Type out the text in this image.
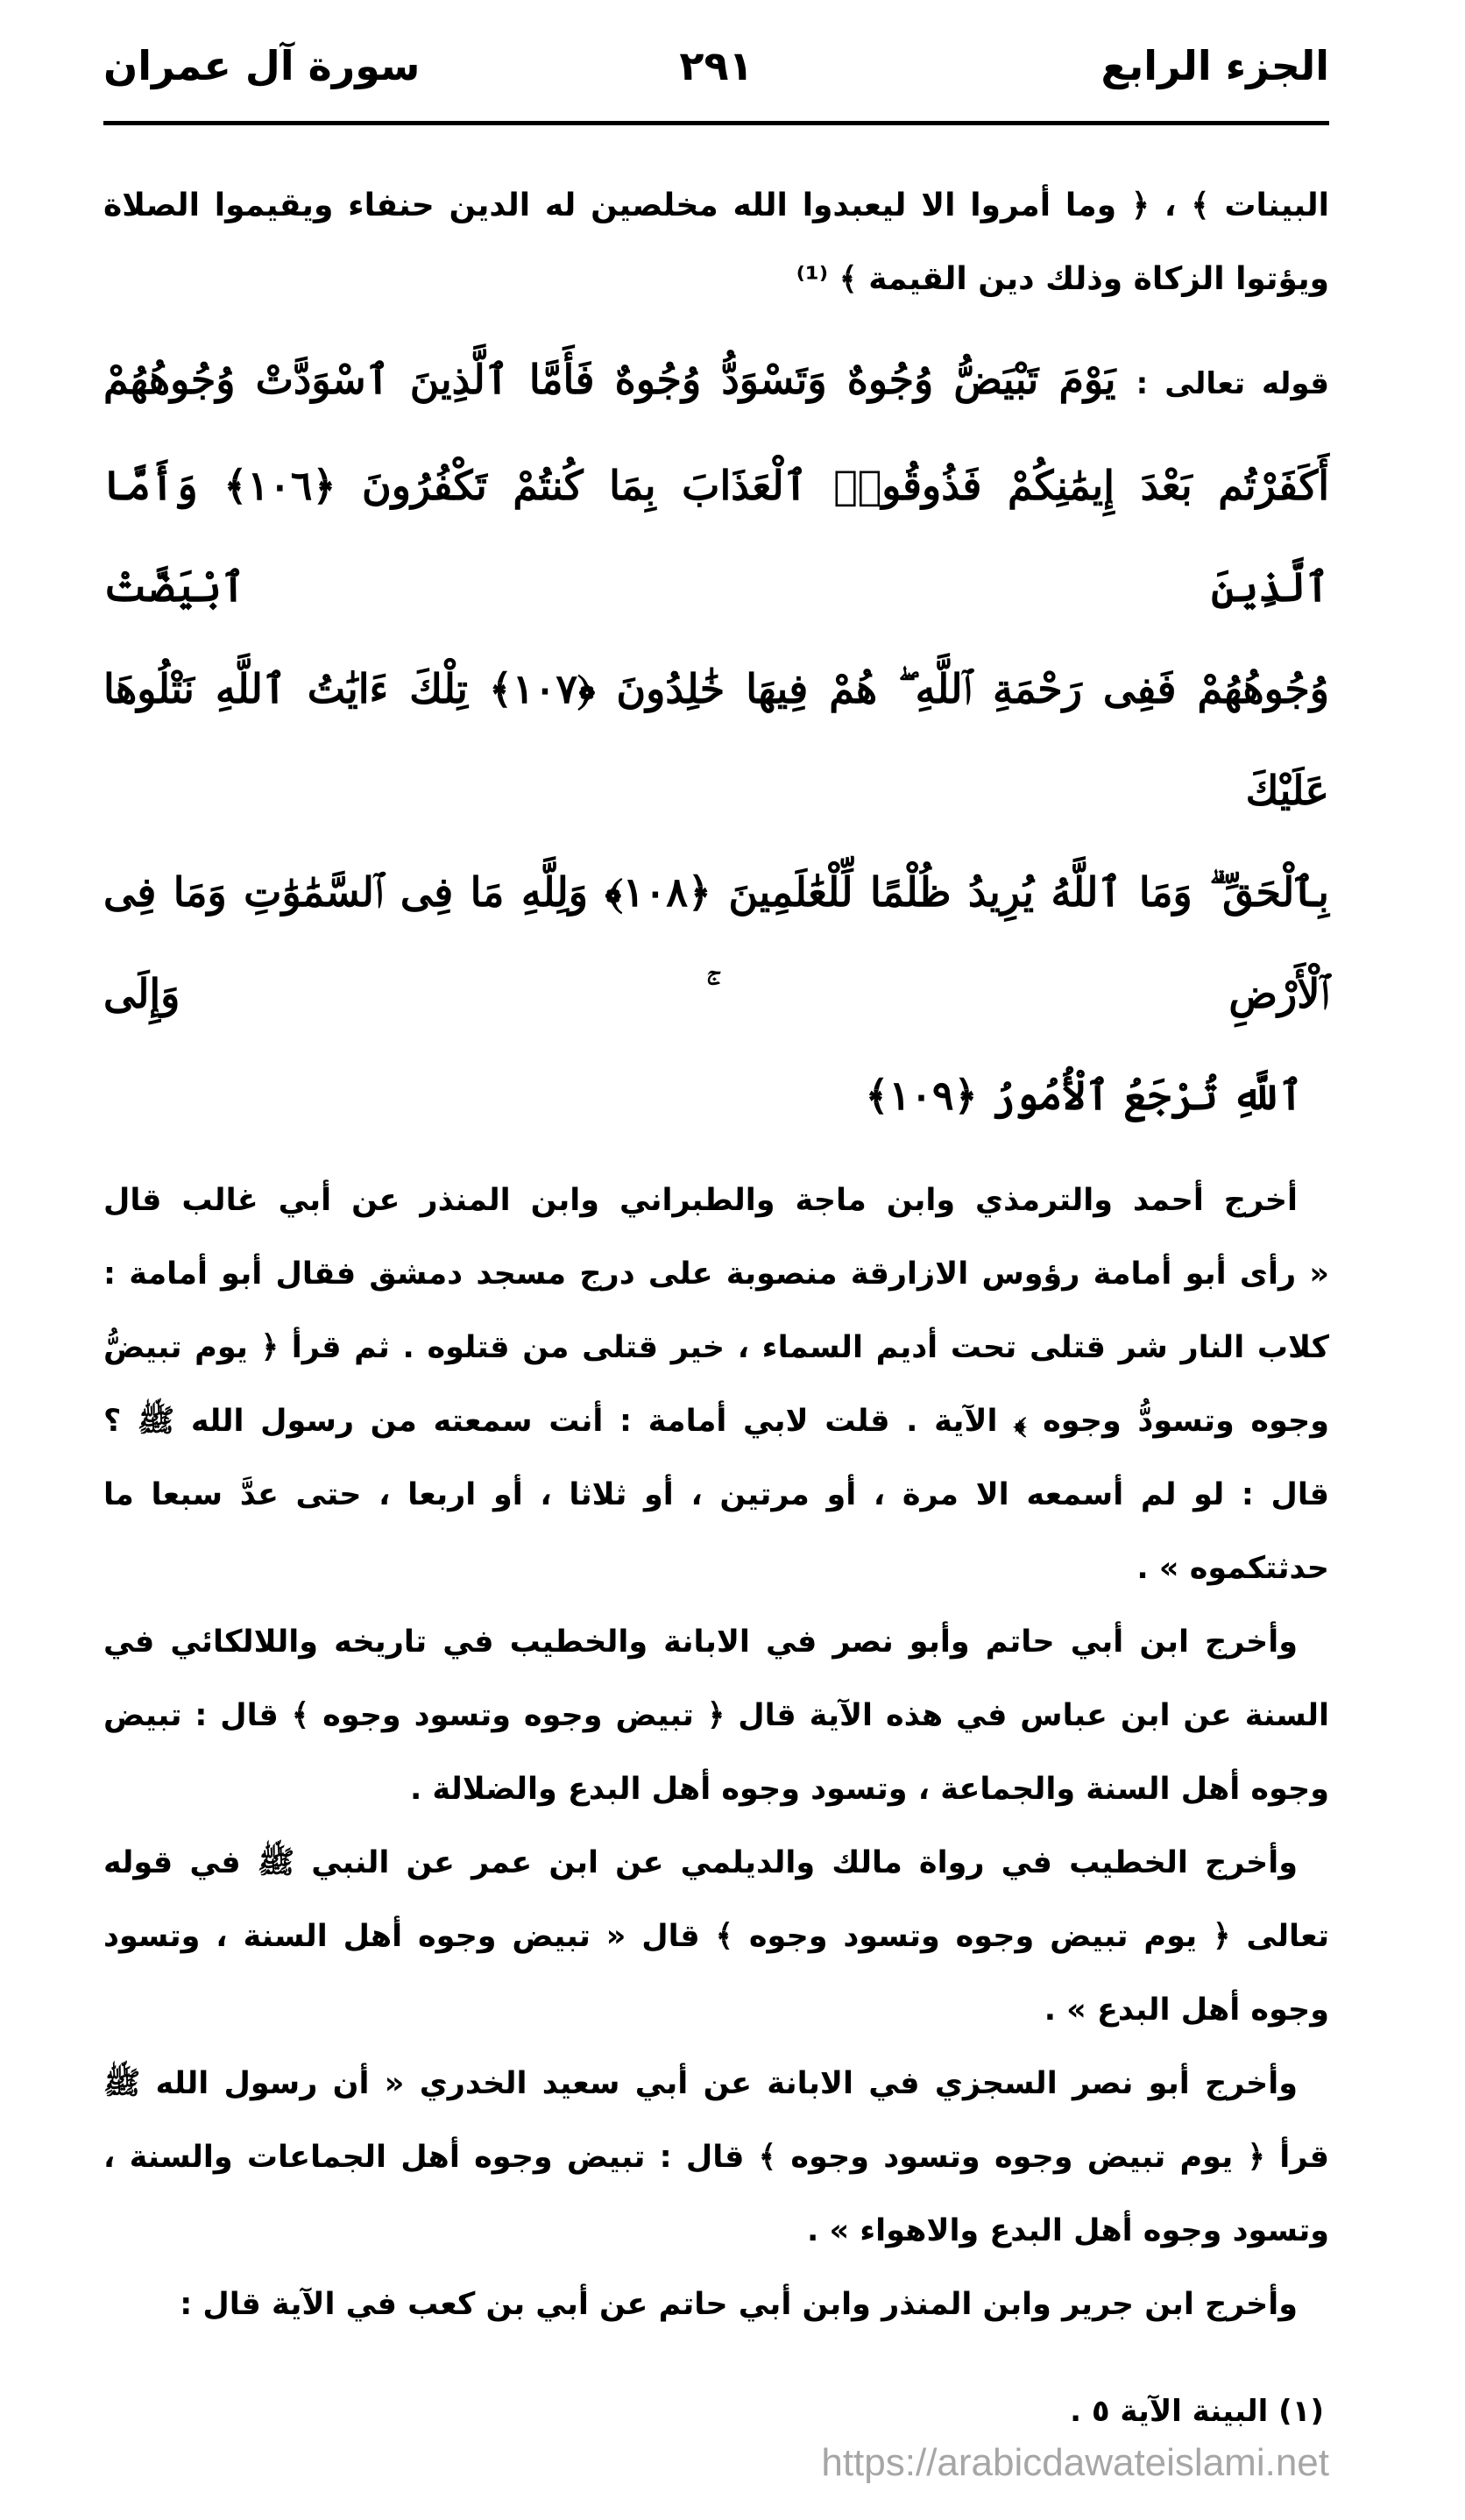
الجزء الرابع
٢٩١
سورة آل عمران
البينات ﴾ ، ﴿ وما أمروا الا ليعبدوا الله مخلصين له الدين حنفاء ويقيموا الصلاة
ويؤتوا الزكاة وذلك دين القيمة ﴾ ⁽¹⁾
قوله تعالى : يَوْمَ تَبْيَضُّ وُجُوهٌ وَتَسْوَدُّ وُجُوهٌ فَأَمَّا ٱلَّذِينَ ٱسْوَدَّتْ وُجُوهُهُمْ
أَكَفَرْتُم بَعْدَ إِيمَٰنِكُمْ فَذُوقُوا۟ ٱلْعَذَابَ بِمَا كُنتُمْ تَكْفُرُونَ ﴿١٠٦﴾ وَأَمَّا ٱلَّذِينَ ٱبْيَضَّتْ
وُجُوهُهُمْ فَفِى رَحْمَةِ ٱللَّهِ ۖ هُمْ فِيهَا خَٰلِدُونَ ﴿١٠٧﴾ تِلْكَ ءَايَٰتُ ٱللَّهِ نَتْلُوهَا عَلَيْكَ
بِٱلْحَقِّ ۗ وَمَا ٱللَّهُ يُرِيدُ ظُلْمًا لِّلْعَٰلَمِينَ ﴿١٠٨﴾ وَلِلَّهِ مَا فِى ٱلسَّمَٰوَٰتِ وَمَا فِى ٱلْأَرْضِ ۚ وَإِلَى
ٱللَّهِ تُرْجَعُ ٱلْأُمُورُ ﴿١٠٩﴾
أخرج أحمد والترمذي وابن ماجة والطبراني وابن المنذر عن أبي غالب قال
« رأى أبو أمامة رؤوس الازارقة منصوبة على درج مسجد دمشق فقال أبو أمامة :
كلاب النار شر قتلى تحت أديم السماء ، خير قتلى من قتلوه . ثم قرأ ﴿ يوم تبيضُّ
وجوه وتسودُّ وجوه ﴾ الآية . قلت لابي أمامة : أنت سمعته من رسول الله ﷺ ؟
قال : لو لم أسمعه الا مرة ، أو مرتين ، أو ثلاثا ، أو اربعا ، حتى عدَّ سبعا ما
حدثتكموه » .
وأخرج ابن أبي حاتم وأبو نصر في الابانة والخطيب في تاريخه واللالكائي في
السنة عن ابن عباس في هذه الآية قال ﴿ تبيض وجوه وتسود وجوه ﴾ قال : تبيض
وجوه أهل السنة والجماعة ، وتسود وجوه أهل البدع والضلالة .
وأخرج الخطيب في رواة مالك والديلمي عن ابن عمر عن النبي ﷺ في قوله
تعالى ﴿ يوم تبيض وجوه وتسود وجوه ﴾ قال « تبيض وجوه أهل السنة ، وتسود
وجوه أهل البدع » .
وأخرج أبو نصر السجزي في الابانة عن أبي سعيد الخدري « أن رسول الله ﷺ
قرأ ﴿ يوم تبيض وجوه وتسود وجوه ﴾ قال : تبيض وجوه أهل الجماعات والسنة ،
وتسود وجوه أهل البدع والاهواء » .
وأخرج ابن جرير وابن المنذر وابن أبي حاتم عن أبي بن كعب في الآية قال :
(١) البينة الآية ٥ .
https://arabicdawateislami.net
